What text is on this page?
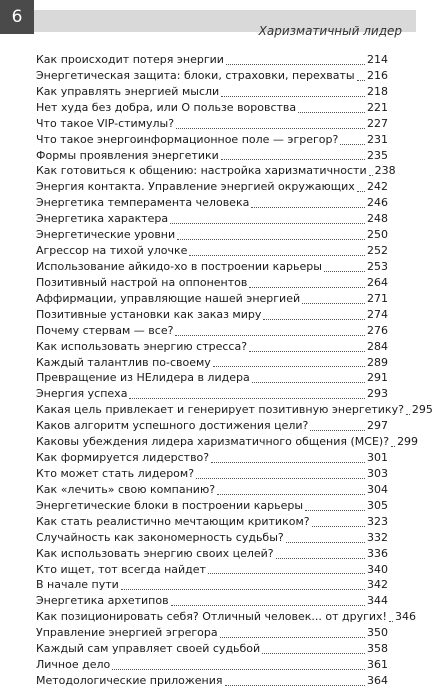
Харизматичный лидер
6
Как происходит потеря энергии	214
Энергетическая защита: блоки, страховки, перехваты 216
Как управлять энергией мысли	218
Нет худа без добра, или О пользе воровства	221
Что такое VIP-стимулы?	227
Что такое энергоинформационное поле — эгрегор?	231
Формы проявления энергетики	235
Как готовиться к общению: настройка харизматичности 238
Энергия контакта. Управление энергией окружающих 242
Энергетика темперамента человека	246
Энергетика характера	248
Энергетические уровни	250
Агрессор на тихой улочке	252
Использование айкидо-хо в построении карьеры	253
Позитивный настрой на оппонентов	264
Аффирмации, управляющие нашей энергией	271
Позитивные установки как заказ миру	274
Почему стервам — все?	276
Как использовать энергию стресса?	284
Каждый талантлив по-своему	289
Превращение из НЕлидера в лидера	291
Энергия успеха	293
Какая цель привлекает и генерирует позитивную энергетику? 295
Каков алгоритм успешного достижения цели?	297
Каковы убеждения лидера харизматичного общения (МСЕ)? 299
Как формируется лидерство?	301
Кто может стать лидером?	303
Как «лечить» свою компанию?	304
Энергетические блоки в построении карьеры	305
Как стать реалистично мечтающим критиком?	323
Случайность как закономерность судьбы?	332
Как использовать энергию своих целей?	336
Кто ищет, тот всегда найдет	340
В начале пути	342
Энергетика архетипов	344
Как позиционировать себя? Отличный человек... от других! 346
Управление энергией эгрегора	350
Каждый сам управляет своей судьбой	358
Личное дело	361
Методологические приложения	364
